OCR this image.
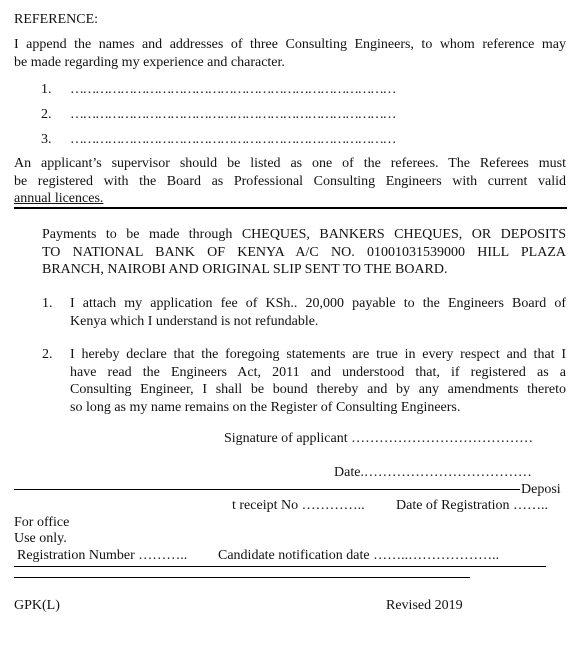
REFERENCE:
I append the names and addresses of three Consulting Engineers, to whom reference may
be made regarding my experience and character.
1. ……………………………………………………………………
2. ……………………………………………………………………
3. ……………………………………………………………………
An applicant’s supervisor should be listed as one of the referees. The Referees must
be registered with the Board as Professional Consulting Engineers with current valid
annual licences.
Payments to be made through CHEQUES, BANKERS CHEQUES, OR DEPOSITS
TO NATIONAL BANK OF KENYA A/C NO. 01001031539000 HILL PLAZA
BRANCH, NAIROBI AND ORIGINAL SLIP SENT TO THE BOARD.
1. I attach my application fee of KSh.. 20,000 payable to the Engineers Board of
Kenya which I understand is not refundable.
2. I hereby declare that the foregoing statements are true in every respect and that I
have read the Engineers Act, 2011 and understood that, if registered as a
Consulting Engineer, I shall be bound thereby and by any amendments thereto
so long as my name remains on the Register of Consulting Engineers.
Signature of applicant …………………………………
Date.………………………………
Deposi
t receipt No ………….. Date of Registration ……..
For office
Use only.
Registration Number ……….. Candidate notification date ……..………………..
GPK(L)	Revised 2019
